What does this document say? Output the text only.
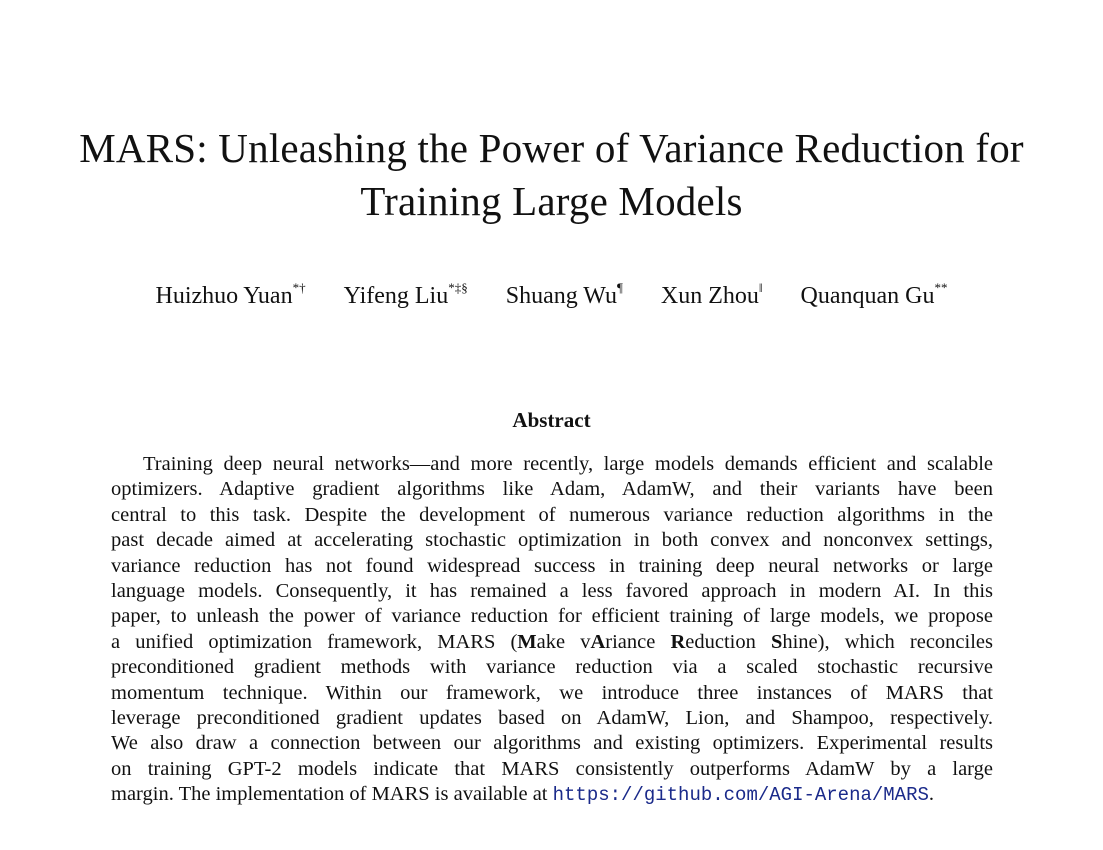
MARS: Unleashing the Power of Variance Reduction for
Training Large Models
Huizhuo Yuan*† Yifeng Liu*‡§ Shuang Wu¶ Xun Zhou‖ Quanquan Gu**
Abstract
Training deep neural networks—and more recently, large models demands efficient and scalable
optimizers. Adaptive gradient algorithms like Adam, AdamW, and their variants have been
central to this task. Despite the development of numerous variance reduction algorithms in the
past decade aimed at accelerating stochastic optimization in both convex and nonconvex settings,
variance reduction has not found widespread success in training deep neural networks or large
language models. Consequently, it has remained a less favored approach in modern AI. In this
paper, to unleash the power of variance reduction for efficient training of large models, we propose
a unified optimization framework, MARS (Make vAriance Reduction Shine), which reconciles
preconditioned gradient methods with variance reduction via a scaled stochastic recursive
momentum technique. Within our framework, we introduce three instances of MARS that
leverage preconditioned gradient updates based on AdamW, Lion, and Shampoo, respectively.
We also draw a connection between our algorithms and existing optimizers. Experimental results
on training GPT-2 models indicate that MARS consistently outperforms AdamW by a large
margin. The implementation of MARS is available at https://github.com/AGI-Arena/MARS.
